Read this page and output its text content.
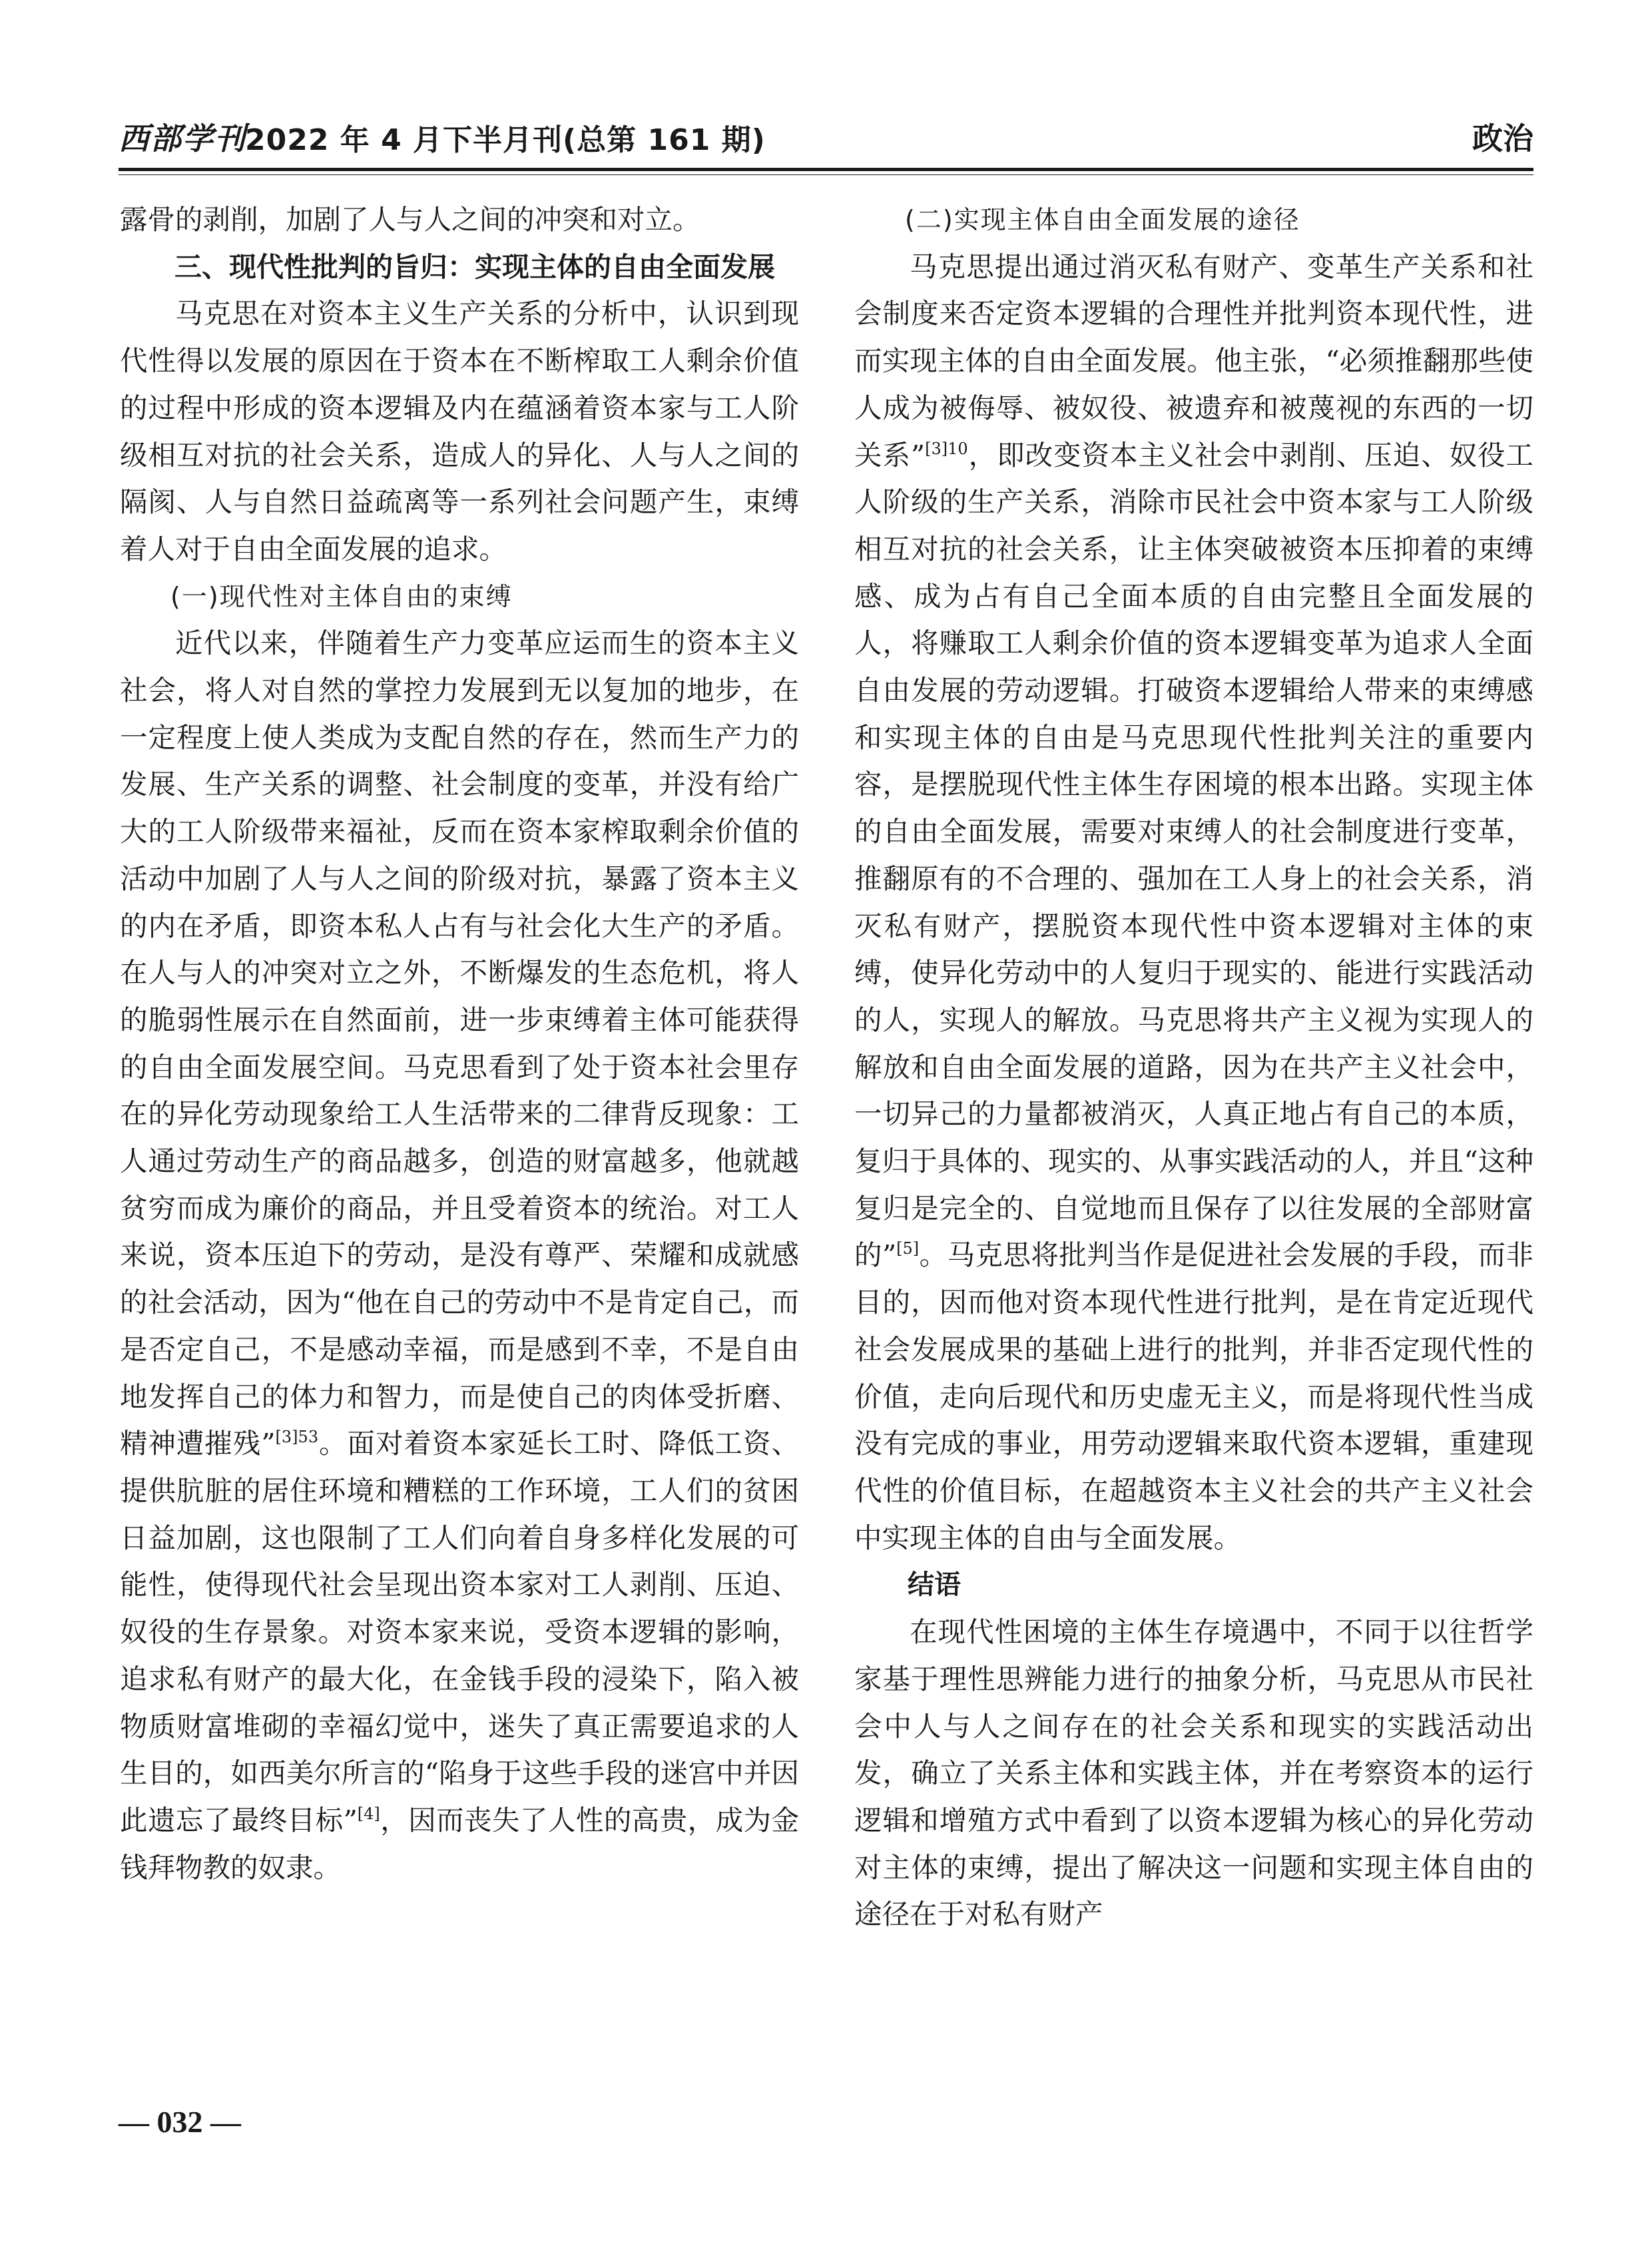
西部学刊
2022 年 4 月下半月刊(总第 161 期)	政治

露骨的剥削，加剧了人与人之间的冲突和对立。

三、现代性批判的旨归：实现主体的自由全面发展

马克思在对资本主义生产关系的分析中，认识到现代性得以发展的原因在于资本在不断榨取工人剩余价值的过程中形成的资本逻辑及内在蕴涵着资本家与工人阶级相互对抗的社会关系，造成人的异化、人与人之间的隔阂、人与自然日益疏离等一系列社会问题产生，束缚着人对于自由全面发展的追求。

(一)现代性对主体自由的束缚

近代以来，伴随着生产力变革应运而生的资本主义社会，将人对自然的掌控力发展到无以复加的地步，在一定程度上使人类成为支配自然的存在，然而生产力的发展、生产关系的调整、社会制度的变革，并没有给广大的工人阶级带来福祉，反而在资本家榨取剩余价值的活动中加剧了人与人之间的阶级对抗，暴露了资本主义的内在矛盾，即资本私人占有与社会化大生产的矛盾。在人与人的冲突对立之外，不断爆发的生态危机，将人的脆弱性展示在自然面前，进一步束缚着主体可能获得的自由全面发展空间。马克思看到了处于资本社会里存在的异化劳动现象给工人生活带来的二律背反现象：工人通过劳动生产的商品越多，创造的财富越多，他就越贫穷而成为廉价的商品，并且受着资本的统治。对工人来说，资本压迫下的劳动，是没有尊严、荣耀和成就感的社会活动，因为“他在自己的劳动中不是肯定自己，而是否定自己，不是感动幸福，而是感到不幸，不是自由地发挥自己的体力和智力，而是使自己的肉体受折磨、精神遭摧残”$^{[3]53}$。面对着资本家延长工时、降低工资、提供肮脏的居住环境和糟糕的工作环境，工人们的贫困日益加剧，这也限制了工人们向着自身多样化发展的可能性，使得现代社会呈现出资本家对工人剥削、压迫、奴役的生存景象。对资本家来说，受资本逻辑的影响，追求私有财产的最大化，在金钱手段的浸染下，陷入被物质财富堆砌的幸福幻觉中，迷失了真正需要追求的人生目的，如西美尔所言的“陷身于这些手段的迷宫中并因此遗忘了最终目标”[4]，因而丧失了人性的高贵，成为金钱拜物教的奴隶。

(二)实现主体自由全面发展的途径

马克思提出通过消灭私有财产、变革生产关系和社会制度来否定资本逻辑的合理性并批判资本现代性，进而实现主体的自由全面发展。他主张，“必须推翻那些使人成为被侮辱、被奴役、被遗弃和被蔑视的东西的一切关系”$^{[3]10}$，即改变资本主义社会中剥削、压迫、奴役工人阶级的生产关系，消除市民社会中资本家与工人阶级相互对抗的社会关系，让主体突破被资本压抑着的束缚感、成为占有自己全面本质的自由完整且全面发展的人，将赚取工人剩余价值的资本逻辑变革为追求人全面自由发展的劳动逻辑。打破资本逻辑给人带来的束缚感和实现主体的自由是马克思现代性批判关注的重要内容，是摆脱现代性主体生存困境的根本出路。实现主体的自由全面发展，需要对束缚人的社会制度进行变革，推翻原有的不合理的、强加在工人身上的社会关系，消灭私有财产，摆脱资本现代性中资本逻辑对主体的束缚，使异化劳动中的人复归于现实的、能进行实践活动的人，实现人的解放。马克思将共产主义视为实现人的解放和自由全面发展的道路，因为在共产主义社会中，一切异己的力量都被消灭，人真正地占有自己的本质，复归于具体的、现实的、从事实践活动的人，并且“这种复归是完全的、自觉地而且保存了以往发展的全部财富的”[5]。马克思将批判当作是促进社会发展的手段，而非目的，因而他对资本现代性进行批判，是在肯定近现代社会发展成果的基础上进行的批判，并非否定现代性的价值，走向后现代和历史虚无主义，而是将现代性当成没有完成的事业，用劳动逻辑来取代资本逻辑，重建现代性的价值目标，在超越资本主义社会的共产主义社会中实现主体的自由与全面发展。

结语

在现代性困境的主体生存境遇中，不同于以往哲学家基于理性思辨能力进行的抽象分析，马克思从市民社会中人与人之间存在的社会关系和现实的实践活动出发，确立了关系主体和实践主体，并在考察资本的运行逻辑和增殖方式中看到了以资本逻辑为核心的异化劳动对主体的束缚，提出了解决这一问题和实现主体自由的途径在于对私有财产

— 032 —
